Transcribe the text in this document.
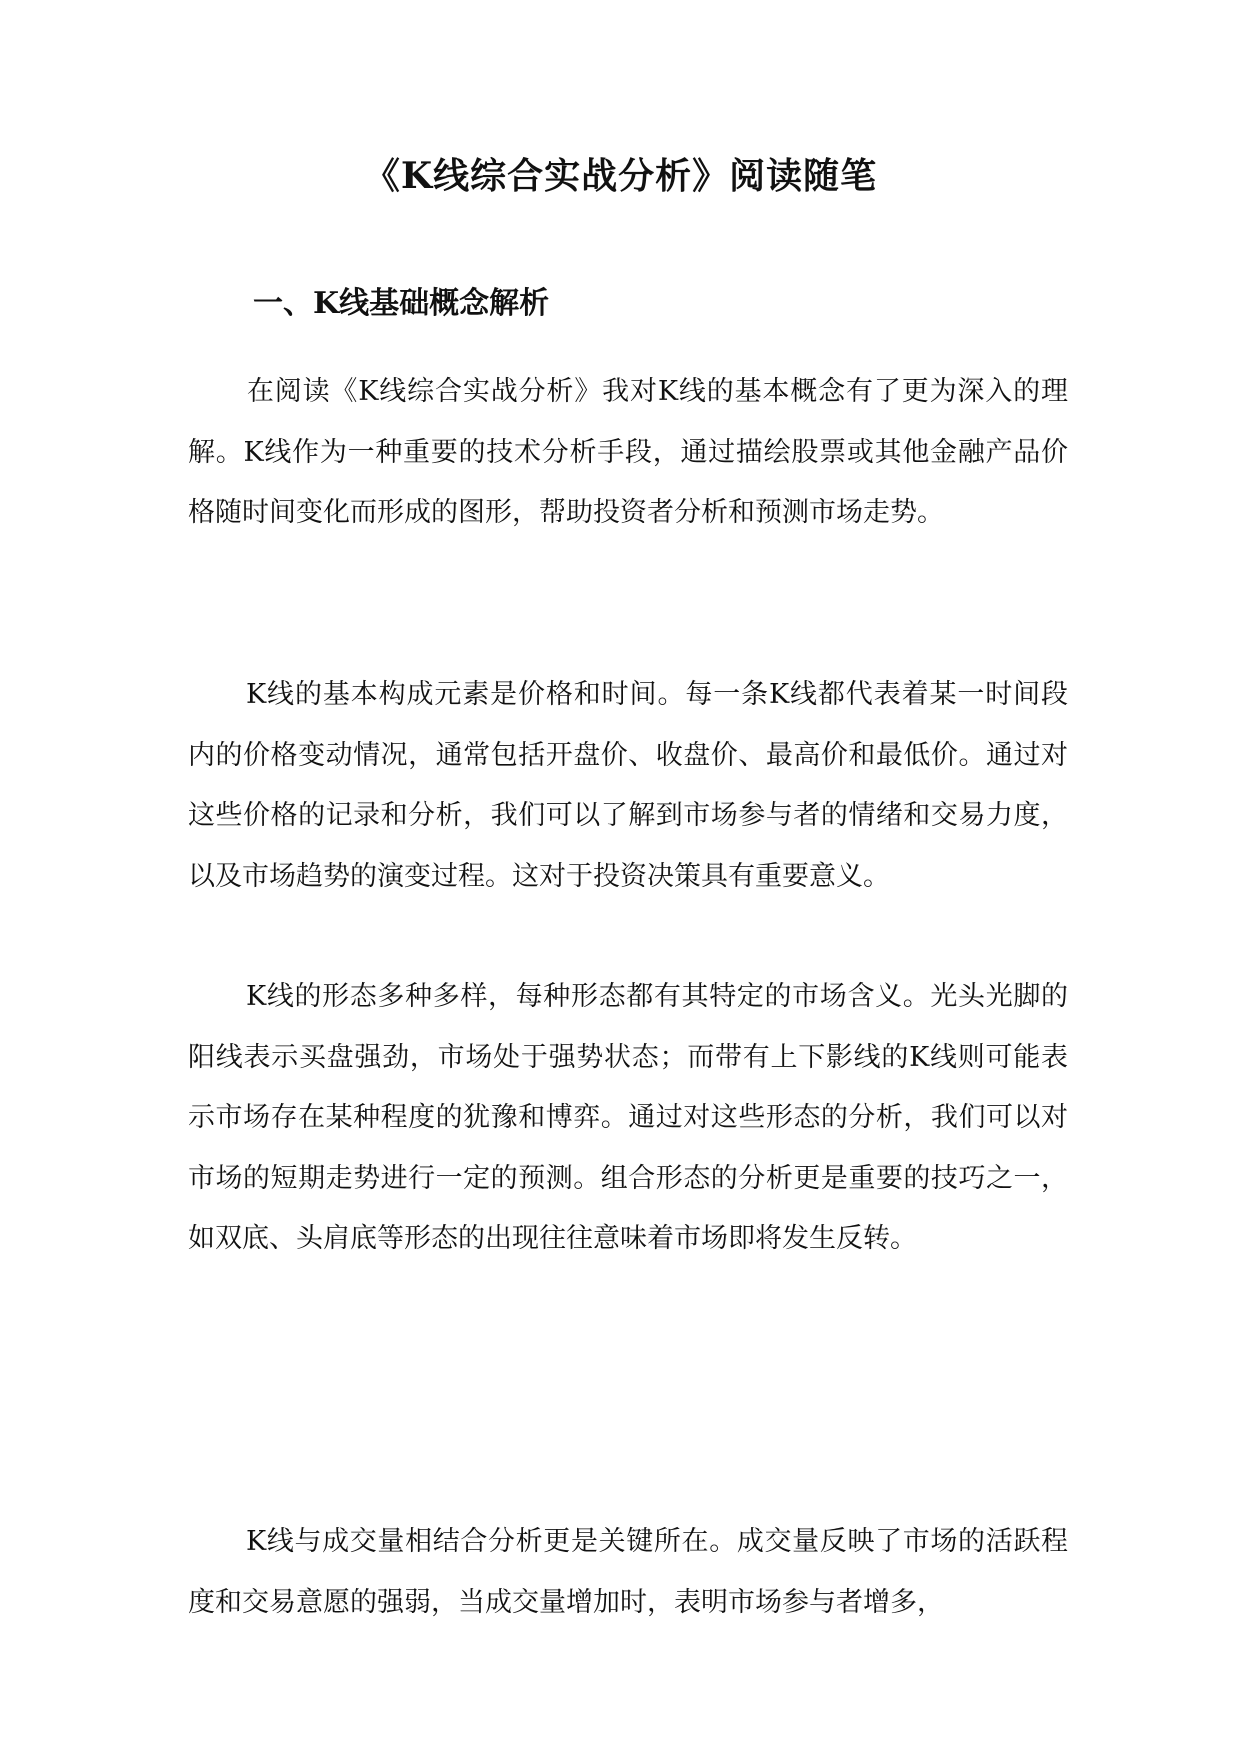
《K线综合实战分析》阅读随笔
一、K线基础概念解析
在阅读《K线综合实战分析》我对K线的基本概念有了更为深入的理解。K线作为一种重要的技术分析手段，通过描绘股票或其他金融产品价格随时间变化而形成的图形，帮助投资者分析和预测市场走势。
K线的基本构成元素是价格和时间。每一条K线都代表着某一时间段内的价格变动情况，通常包括开盘价、收盘价、最高价和最低价。通过对这些价格的记录和分析，我们可以了解到市场参与者的情绪和交易力度，以及市场趋势的演变过程。这对于投资决策具有重要意义。
K线的形态多种多样，每种形态都有其特定的市场含义。光头光脚的阳线表示买盘强劲，市场处于强势状态；而带有上下影线的K线则可能表示市场存在某种程度的犹豫和博弈。通过对这些形态的分析，我们可以对市场的短期走势进行一定的预测。组合形态的分析更是重要的技巧之一，如双底、头肩底等形态的出现往往意味着市场即将发生反转。
K线与成交量相结合分析更是关键所在。成交量反映了市场的活跃程度和交易意愿的强弱，当成交量增加时，表明市场参与者增多，
